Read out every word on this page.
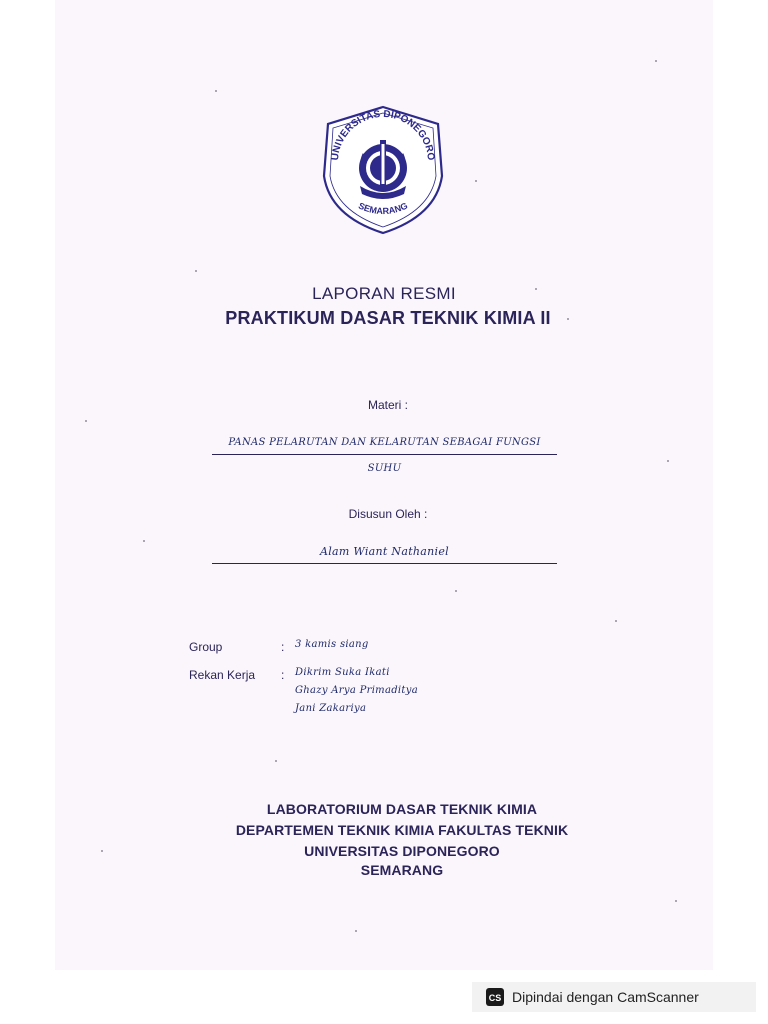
UNIVERSITAS DIPONEGORO
SEMARANG
LAPORAN RESMI
PRAKTIKUM DASAR TEKNIK KIMIA II
Materi :
PANAS PELARUTAN DAN KELARUTAN SEBAGAI FUNGSI SUHU
Disusun Oleh :
Alam Wiant Nathaniel
Group	: 3 kamis siang
Rekan Kerja : Dikrim Suka Ikati
Ghazy Arya Primaditya
Jani Zakariya
LABORATORIUM DASAR TEKNIK KIMIA
DEPARTEMEN TEKNIK KIMIA FAKULTAS TEKNIK
UNIVERSITAS DIPONEGORO
SEMARANG
CS Dipindai dengan CamScanner
